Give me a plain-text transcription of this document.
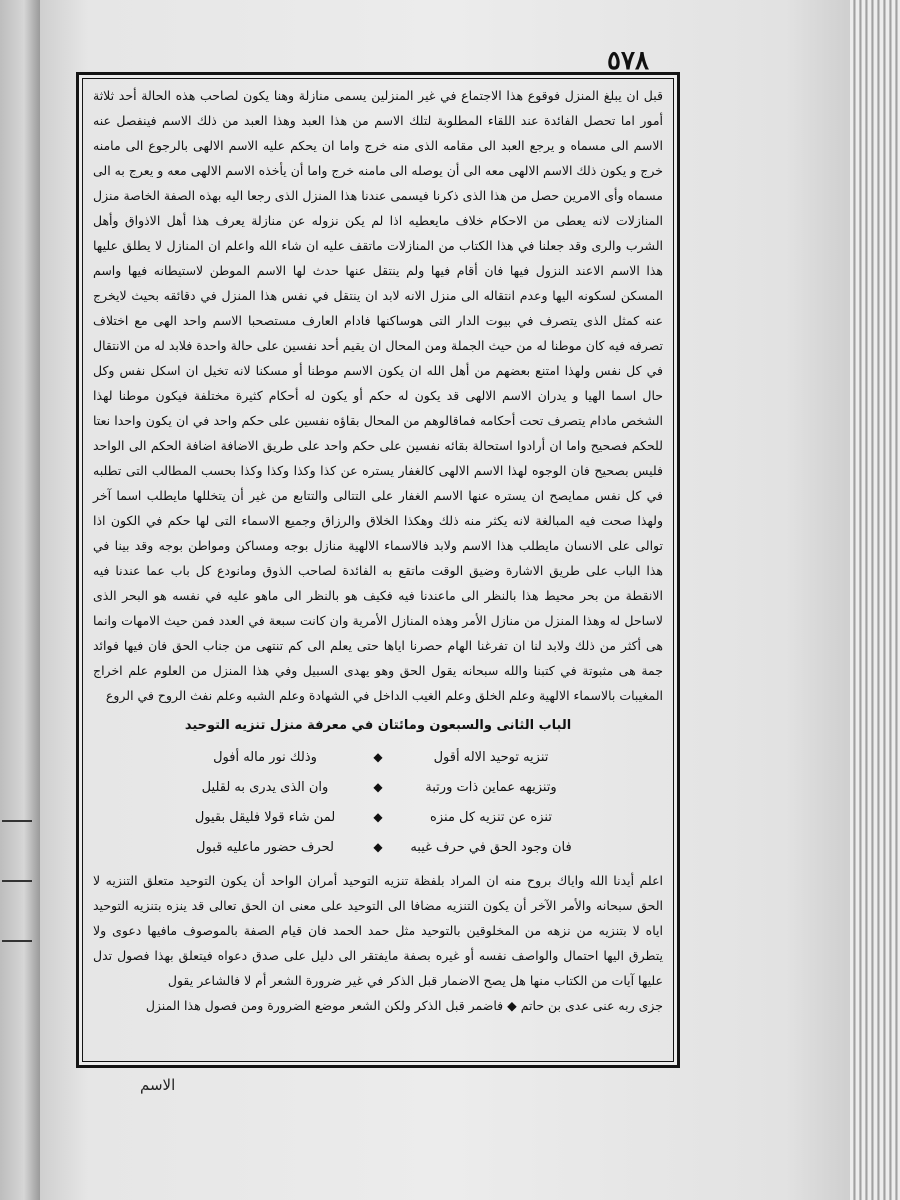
٥٧٨

قبل ان يبلغ المنزل فوقوع هذا الاجتماع في غير المنزلين يسمى منازلة وهنا يكون لصاحب هذه الحالة أحد ثلاثة أمور اما تحصل الفائدة عند اللقاء المطلوبة لتلك الاسم من هذا العبد وهذا العبد من ذلك الاسم فينفصل عنه الاسم الى مسماه و يرجع العبد الى مقامه الذى منه خرج واما ان يحكم عليه الاسم الالهى بالرجوع الى مامنه خرج و يكون ذلك الاسم الالهى معه الى أن يوصله الى مامنه خرج واما أن يأخذه الاسم الالهى معه و يعرج به الى مسماه وأى الامرين حصل من هذا الذى ذكرنا فيسمى عندنا هذا المنزل الذى رجعا اليه بهذه الصفة الخاصة منزل المنازلات لانه يعطى من الاحكام خلاف مايعطيه اذا لم يكن نزوله عن منازلة يعرف هذا أهل الاذواق وأهل الشرب والرى وقد جعلنا في هذا الكتاب من المنازلات ماتقف عليه ان شاء الله واعلم ان المنازل لا يطلق عليها هذا الاسم الاعند النزول فيها فان أقام فيها ولم ينتقل عنها حدث لها الاسم الموطن لاستيطانه فيها واسم المسكن لسكونه اليها وعدم انتقاله الى منزل الانه لابد ان ينتقل في نفس هذا المنزل في دقائقه بحيث لايخرج عنه كمثل الذى يتصرف في بيوت الدار التى هوساكنها فادام العارف مستصحبا الاسم واحد الهى مع اختلاف تصرفه فيه كان موطنا له من حيث الجملة ومن المحال ان يقيم أحد نفسين على حالة واحدة فلابد له من الانتقال في كل نفس ولهذا امتنع بعضهم من أهل الله ان يكون الاسم موطنا أو مسكنا لانه تخيل ان اسكل نفس وكل حال اسما الهيا و يدران الاسم الالهى قد يكون له حكم أو يكون له أحكام كثيرة مختلفة فيكون موطنا لهذا الشخص مادام يتصرف تحت أحكامه فماقالوهم من المحال بقاؤه نفسين على حكم واحد في ان يكون واحدا نعتا للحكم فصحيح واما ان أرادوا استحالة بقائه نفسين على حكم واحد على طريق الاضافة اضافة الحكم الى الواحد فليس بصحيح فان الوجوه لهذا الاسم الالهى كالغفار يستره عن كذا وكذا وكذا وكذا بحسب المطالب التى تطلبه في كل نفس ممايصح ان يستره عنها الاسم الغفار على التتالى والتتابع من غير أن يتخللها مايطلب اسما آخر ولهذا صحت فيه المبالغة لانه يكثر منه ذلك وهكذا الخلاق والرزاق وجميع الاسماء التى لها حكم في الكون اذا توالى على الانسان مايطلب هذا الاسم ولابد فالاسماء الالهية منازل بوجه ومساكن ومواطن بوجه وقد بينا في هذا الباب على طريق الاشارة وضيق الوقت ماتقع به الفائدة لصاحب الذوق ومانودع كل باب عما عندنا فيه الانقطة من بحر محيط هذا بالنظر الى ماعندنا فيه فكيف هو بالنظر الى ماهو عليه في نفسه هو البحر الذى لاساحل له وهذا المنزل من منازل الأمر وهذه المنازل الأمرية وان كانت سبعة في العدد فمن حيث الامهات وانما هى أكثر من ذلك ولابد لنا ان تفرغنا الهام حصرنا اياها حتى يعلم الى كم تنتهى من جناب الحق فان فيها فوائد جمة هى مثبوتة في كتبنا والله سبحانه يقول الحق وهو يهدى السبيل وفي هذا المنزل من العلوم علم اخراج المغيبات بالاسماء الالهية وعلم الخلق وعلم الغيب الداخل في الشهادة وعلم الشبه وعلم نفث الروح في الروع

الباب الثانى والسبعون ومائتان في معرفة منزل تنزيه التوحيد
تنزيه توحيد الاله أقول
◆
وذلك نور ماله أفول
وتنزيهه عماين ذات ورتبة
◆
وان الذى يدرى به لقليل
تنزه عن تنزيه كل منزه
◆
لمن شاء قولا فليقل بقيول
فان وجود الحق في حرف غيبه
◆
لحرف حضور ماعليه قبول

اعلم أيدنا الله واياك بروح منه ان المراد بلفظة تنزيه التوحيد أمران الواحد أن يكون التوحيد متعلق التنزيه لا الحق سبحانه والأمر الآخر أن يكون التنزيه مضافا الى التوحيد على معنى ان الحق تعالى قد ينزه بتنزيه التوحيد اياه لا بتنزيه من نزهه من المخلوقين بالتوحيد مثل حمد الحمد فان قيام الصفة بالموصوف مافيها دعوى ولا يتطرق اليها احتمال والواصف نفسه أو غيره بصفة مايفتقر الى دليل على صدق دعواه فيتعلق بهذا فصول تدل عليها آيات من الكتاب منها هل يصح الاضمار قبل الذكر في غير ضرورة الشعر أم لا فالشاعر يقول

جزى ربه عنى عدى بن حاتم ◆ فاضمر قبل الذكر ولكن الشعر موضع الضرورة ومن فصول هذا المنزل

الاسم
